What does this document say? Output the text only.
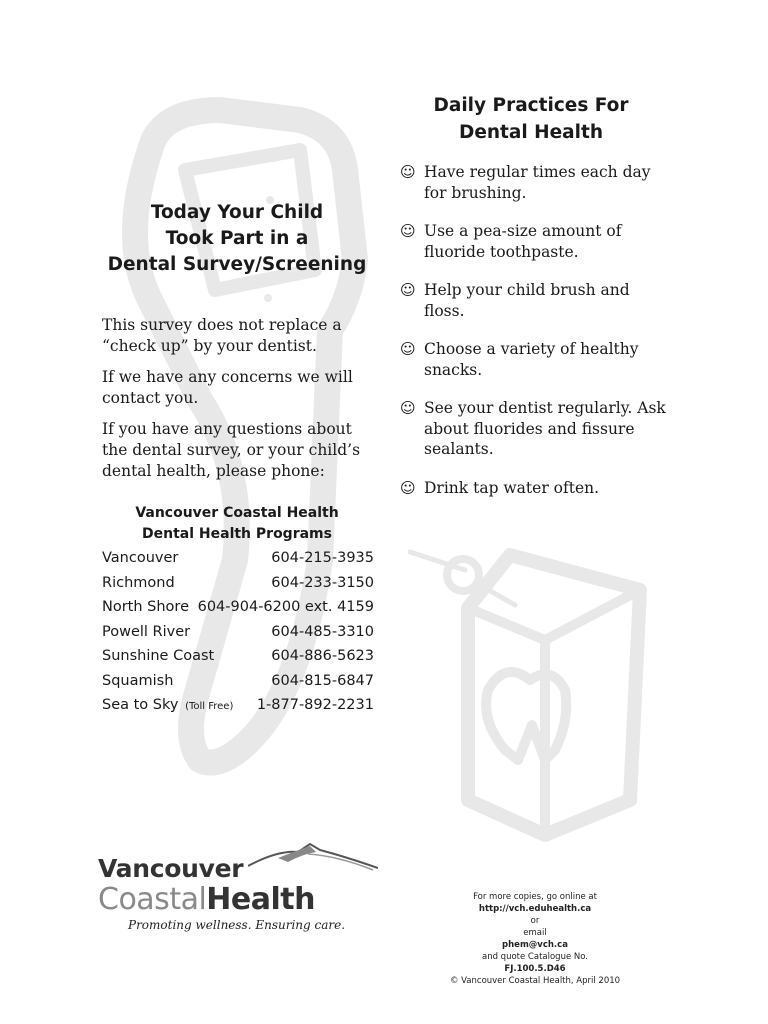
Today Your Child
Took Part in a
Dental Survey/Screening

This survey does not replace a “check up” by your dentist.

If we have any concerns we will contact you.

If you have any questions about the dental survey, or your child’s dental health, please phone:

Vancouver Coastal Health
Dental Health Programs
Vancouver	604-215-3935
Richmond	604-233-3150
North Shore 604-904-6200 ext. 4159
Powell River	604-485-3310
Sunshine Coast	604-886-5623
Squamish	604-815-6847
Sea to Sky (Toll Free) 1-877-892-2231
Daily Practices For
Dental Health
☺ Have regular times each day for brushing.
☺ Use a pea-size amount of fluoride toothpaste.
☺ Help your child brush and floss.
☺ Choose a variety of healthy snacks.
☺ See your dentist regularly. Ask about fluorides and fissure sealants.
☺ Drink tap water often.
Vancouver
CoastalHealth
Promoting wellness. Ensuring care.
For more copies, go online at
http://vch.eduhealth.ca
or
email
phem@vch.ca
and quote Catalogue No.
FJ.100.5.D46
© Vancouver Coastal Health, April 2010
